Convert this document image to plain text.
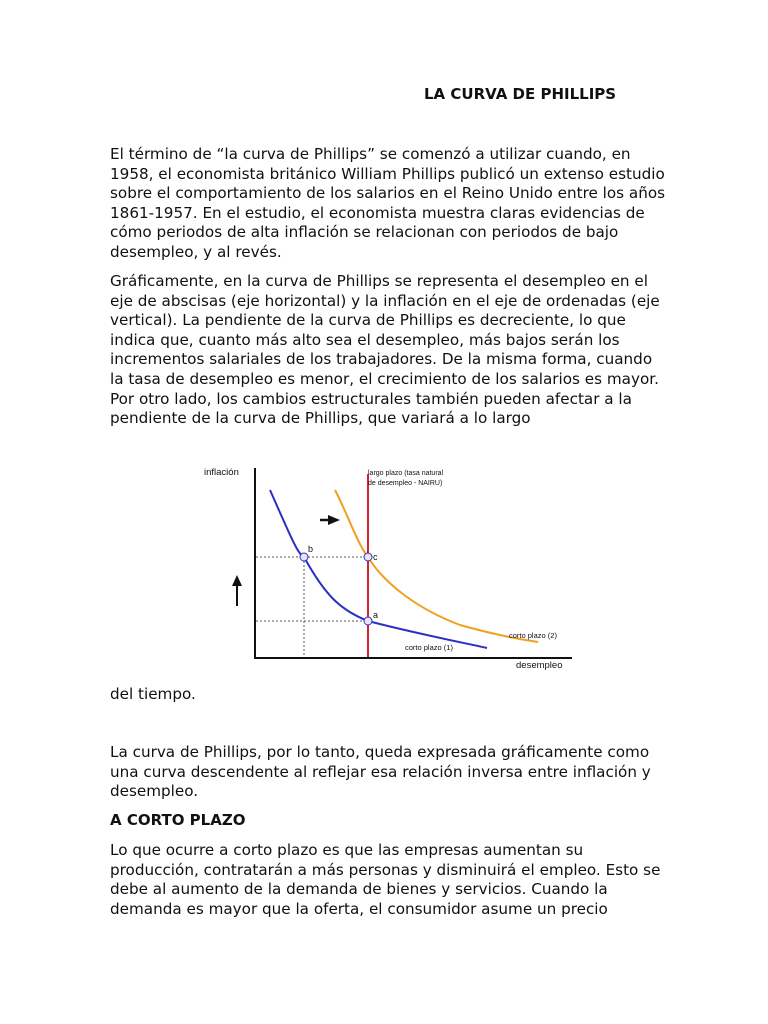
LA CURVA DE PHILLIPS

El término de “la curva de Phillips” se comenzó a utilizar cuando, en 1958, el economista británico William Phillips publicó un extenso estudio sobre el comportamiento de los salarios en el Reino Unido entre los años 1861-1957. En el estudio, el economista muestra claras evidencias de cómo periodos de alta inflación se relacionan con periodos de bajo desempleo, y al revés.

Gráficamente, en la curva de Phillips se representa el desempleo en el eje de abscisas (eje horizontal) y la inflación en el eje de ordenadas (eje vertical). La pendiente de la curva de Phillips es decreciente, lo que indica que, cuanto más alto sea el desempleo, más bajos serán los incrementos salariales de los trabajadores. De la misma forma, cuando la tasa de desempleo es menor, el crecimiento de los salarios es mayor. Por otro lado, los cambios estructurales también pueden afectar a la pendiente de la curva de Phillips, que variará a lo largo

inflación
desempleo
largo plazo (tasa natural
de desempleo - NAIRU)
corto plazo (1)
corto plazo (2)
b
c
a

del tiempo.

La curva de Phillips, por lo tanto, queda expresada gráficamente como una curva descendente al reflejar esa relación inversa entre inflación y desempleo.

A CORTO PLAZO

Lo que ocurre a corto plazo es que las empresas aumentan su producción, contratarán a más personas y disminuirá el empleo. Esto se debe al aumento de la demanda de bienes y servicios. Cuando la demanda es mayor que la oferta, el consumidor asume un precio
